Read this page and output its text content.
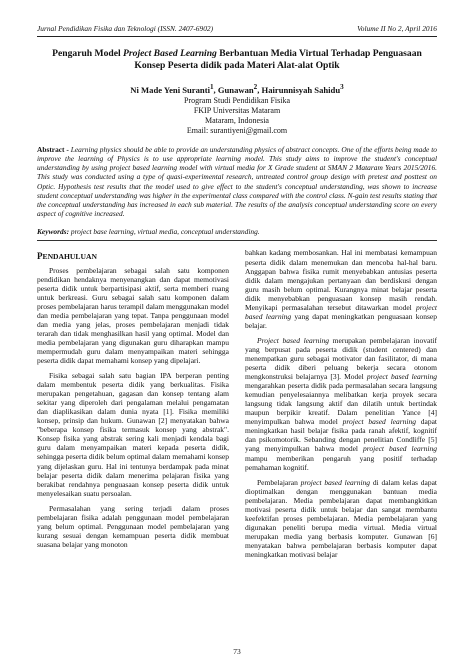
Jurnal Pendidikan Fisika dan Teknologi (ISSN. 2407-6902)	Volume II No 2, April 2016
Pengaruh Model Project Based Learning Berbantuan Media Virtual Terhadap Penguasaan Konsep Peserta didik pada Materi Alat-alat Optik
Ni Made Yeni Suranti$^1$, Gunawan$^2$, Hairunnisyah Sahidu$^3$
Program Studi Pendidikan Fisika
FKIP Universitas Mataram
Mataram, Indonesia
Email: surantiyeni@gmail.com
Abstract - Learning physics should be able to provide an understanding physics of abstract concepts. One of the efforts being made to improve the learning of Physics is to use appropriate learning model. This study aims to improve the student's conceptual understanding by using project based learning model with virtual media for X Grade student at SMAN 2 Mataram Years 2015/2016. This study was conducted using a type of quasi-experimental research, untreated control group design with pretest and posttest on Optic. Hypothesis test results that the model used to give effect to the student's conceptual understanding, was shown to increase student conceptual understanding was higher in the experimental class compared with the control class. N-gain test results stating that the conceptual understanding has increased in each sub material. The results of the analysis conceptual understanding score on every aspect of cognitive increased.
Keywords: project base learning, virtual media, conceptual understanding.
PENDAHULUAN

Proses pembelajaran sebagai salah satu komponen pendidikan hendaknya menyenangkan dan dapat memotivasi peserta didik untuk berpartisipasi aktif, serta memberi ruang untuk berkreasi. Guru sebagai salah satu komponen dalam proses pembelajaran harus terampil dalam menggunakan model dan media pembelajaran yang tepat. Tanpa penggunaan model dan media yang jelas, proses pembelajaran menjadi tidak terarah dan tidak menghasilkan hasil yang optimal. Model dan media pembelajaran yang digunakan guru diharapkan mampu mempermudah guru dalam menyampaikan materi sehingga peserta didik dapat memahami konsep yang dipelajari.

Fisika sebagai salah satu bagian IPA berperan penting dalam membentuk peserta didik yang berkualitas. Fisika merupakan pengetahuan, gagasan dan konsep tentang alam sekitar yang diperoleh dari pengalaman melalui pengamatan dan diaplikasikan dalam dunia nyata [1]. Fisika memiliki konsep, prinsip dan hukum. Gunawan [2] menyatakan bahwa "beberapa konsep fisika termasuk konsep yang abstrak". Konsep fisika yang abstrak sering kali menjadi kendala bagi guru dalam menyampaikan materi kepada peserta didik, sehingga peserta didik belum optimal dalam memahami konsep yang dijelaskan guru. Hal ini tentunya berdampak pada minat belajar peserta didik dalam menerima pelajaran fisika yang berakibat rendahnya penguasaan konsep peserta didik untuk menyelesaikan suatu persoalan.

Permasalahan yang sering terjadi dalam proses pembelajaran fisika adalah penggunaan model pembelajaran yang belum optimal. Penggunaan model pembelajaran yang kurang sesuai dengan kemampuan peserta didik membuat suasana belajar yang monoton

bahkan kadang membosankan. Hal ini membatasi kemampuan peserta didik dalam menemukan dan mencoba hal-hal baru. Anggapan bahwa fisika rumit menyebabkan antusias peserta didik dalam mengajukan pertanyaan dan berdiskusi dengan guru masih belum optimal. Kurangnya minat belajar peserta didik menyebabkan penguasaan konsep masih rendah. Menyikapi permasalahan tersebut ditawarkan model project based learning yang dapat meningkatkan penguasaan konsep belajar.

Project based learning merupakan pembelajaran inovatif yang berpusat pada peserta didik (student centered) dan menempatkan guru sebagai motivator dan fasilitator, di mana peserta didik diberi peluang bekerja secara otonom mengkonstruksi belajarnya [3]. Model project based learning mengarahkan peserta didik pada permasalahan secara langsung kemudian penyelesaiannya melibatkan kerja proyek secara langsung tidak langsung aktif dan dilatih untuk bertindak maupun berpikir kreatif. Dalam penelitian Yance [4] menyimpulkan bahwa model project based learning dapat meningkatkan hasil belajar fisika pada ranah afektif, kognitif dan psikomotorik. Sebanding dengan penelitian Condliffe [5] yang menyimpulkan bahwa model project based learning mampu memberikan pengaruh yang positif terhadap pemahaman kognitif.

Pembelajaran project based learning di dalam kelas dapat dioptimalkan dengan menggunakan bantuan media pembelajaran. Media pembelajaran dapat membangkitkan motivasi peserta didik untuk belajar dan sangat membantu keefektifan proses pembelajaran. Media pembelajaran yang digunakan peneliti berupa media virtual. Media virtual merupakan media yang berbasis komputer. Gunawan [6] menyatakan bahwa pembelajaran berbasis komputer dapat meningkatkan motivasi belajar

73
